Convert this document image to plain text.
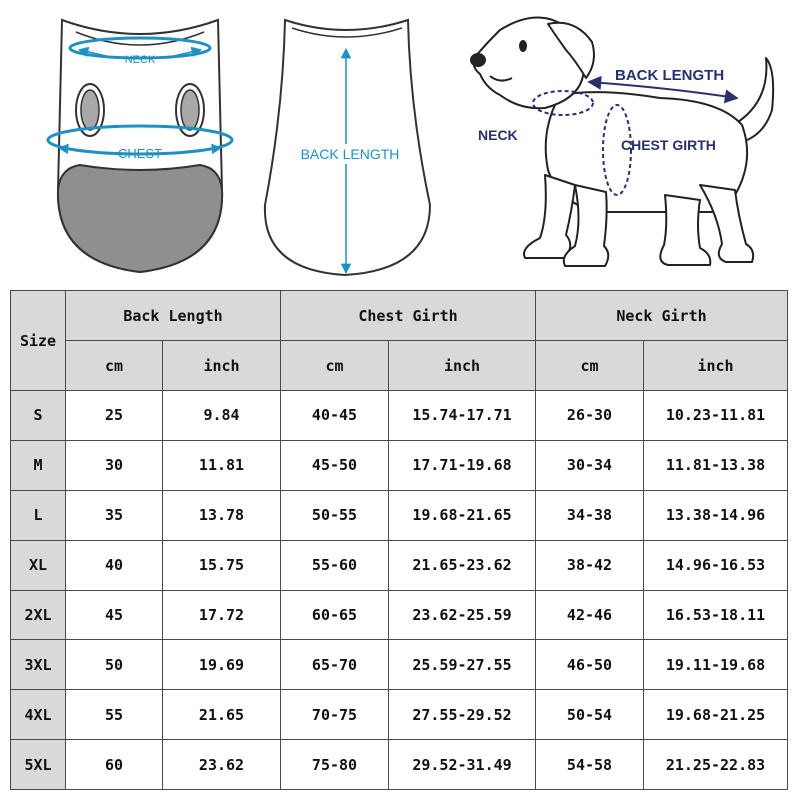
NECK
CHEST	BACK LENGTH
BACK LENGTH
NECK
CHEST GIRTH
Size	Back Length		Chest Girth		Neck Girth	
	cm	inch	cm	inch	cm	inch
S	25	9.84	40-45	15.74-17.71	26-30	10.23-11.81
M	30	11.81	45-50	17.71-19.68	30-34	11.81-13.38
L	35	13.78	50-55	19.68-21.65	34-38	13.38-14.96
XL	40	15.75	55-60	21.65-23.62	38-42	14.96-16.53
2XL	45	17.72	60-65	23.62-25.59	42-46	16.53-18.11
3XL	50	19.69	65-70	25.59-27.55	46-50	19.11-19.68
4XL	55	21.65	70-75	27.55-29.52	50-54	19.68-21.25
5XL	60	23.62	75-80	29.52-31.49	54-58	21.25-22.83
